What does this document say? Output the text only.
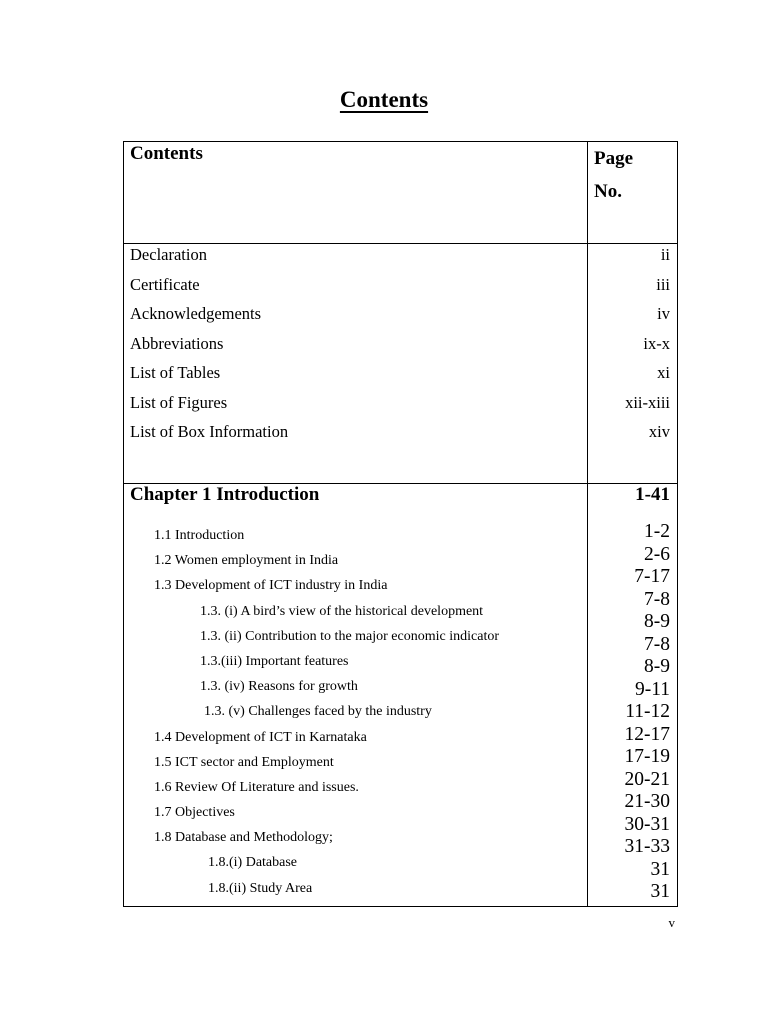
Contents
Contents	Page
No.
Declaration
Certificate
Acknowledgements
Abbreviations
List of Tables
List of Figures
List of Box Information
ii
iii
iv
ix-x
xi
xii-xiii
xiv
Chapter 1 Introduction	1-41
1.1 Introduction
1.2 Women employment in India
1.3 Development of ICT industry in India
1.3. (i) A bird’s view of the historical development
1.3. (ii) Contribution to the major economic indicator
1.3.(iii) Important features
1.3. (iv) Reasons for growth
1.3. (v) Challenges faced by the industry
1.4 Development of ICT in Karnataka
1.5 ICT sector and Employment
1.6 Review Of Literature and issues.
1.7 Objectives
1.8 Database and Methodology;
1.8.(i) Database
1.8.(ii) Study Area
1-2
2-6
7-17
7-8
8-9
7-8
8-9
9-11
11-12
12-17
17-19
20-21
21-30
30-31
31-33
31
31
v
